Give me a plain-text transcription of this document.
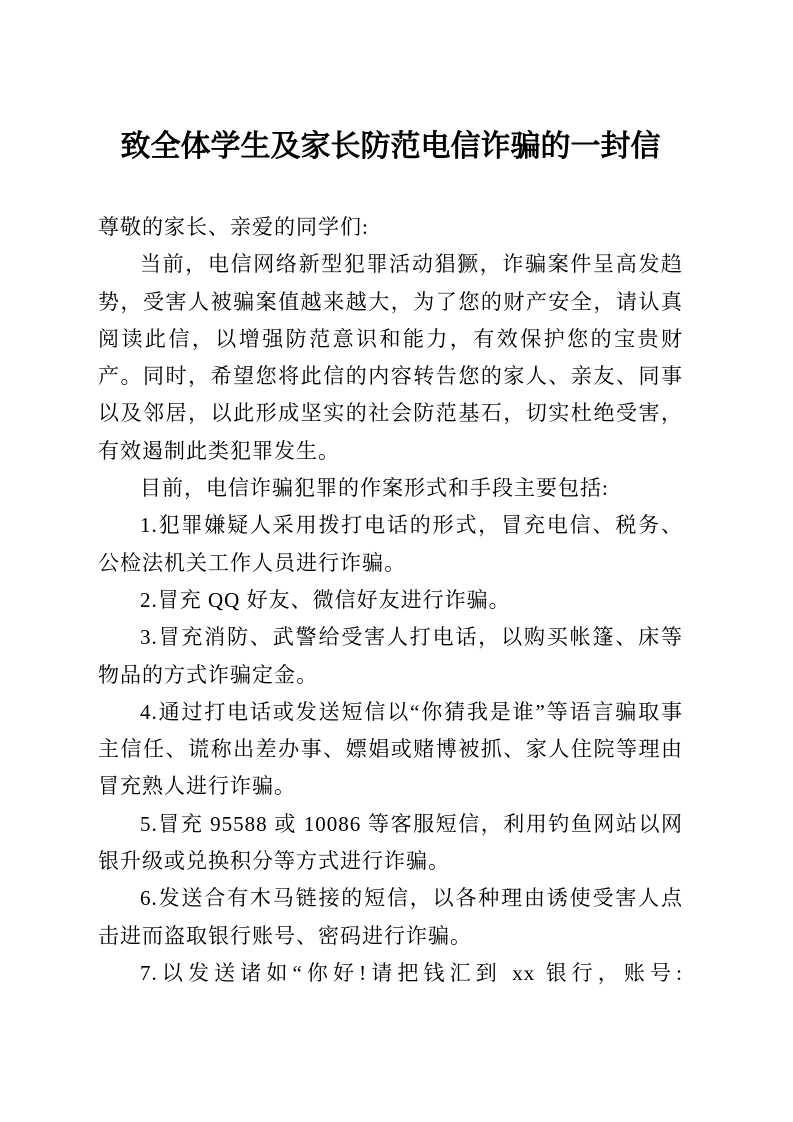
致全体学生及家长防范电信诈骗的一封信

尊敬的家长、亲爱的同学们:

当前，电信网络新型犯罪活动猖獗，诈骗案件呈高发趋势，受害人被骗案值越来越大，为了您的财产安全，请认真阅读此信，以增强防范意识和能力，有效保护您的宝贵财产。同时，希望您将此信的内容转告您的家人、亲友、同事以及邻居，以此形成坚实的社会防范基石，切实杜绝受害，有效遏制此类犯罪发生。

目前，电信诈骗犯罪的作案形式和手段主要包括:

1.犯罪嫌疑人采用拨打电话的形式，冒充电信、税务、公检法机关工作人员进行诈骗。

2.冒充 QQ 好友、微信好友进行诈骗。

3.冒充消防、武警给受害人打电话，以购买帐篷、床等物品的方式诈骗定金。

4.通过打电话或发送短信以“你猜我是谁”等语言骗取事主信任、谎称出差办事、嫖娼或赌博被抓、家人住院等理由冒充熟人进行诈骗。

5.冒充 95588 或 10086 等客服短信，利用钓鱼网站以网银升级或兑换积分等方式进行诈骗。

6.发送合有木马链接的短信，以各种理由诱使受害人点击进而盗取银行账号、密码进行诈骗。

7.以发送诸如“你好!请把钱汇到 xx 银行，账号:
